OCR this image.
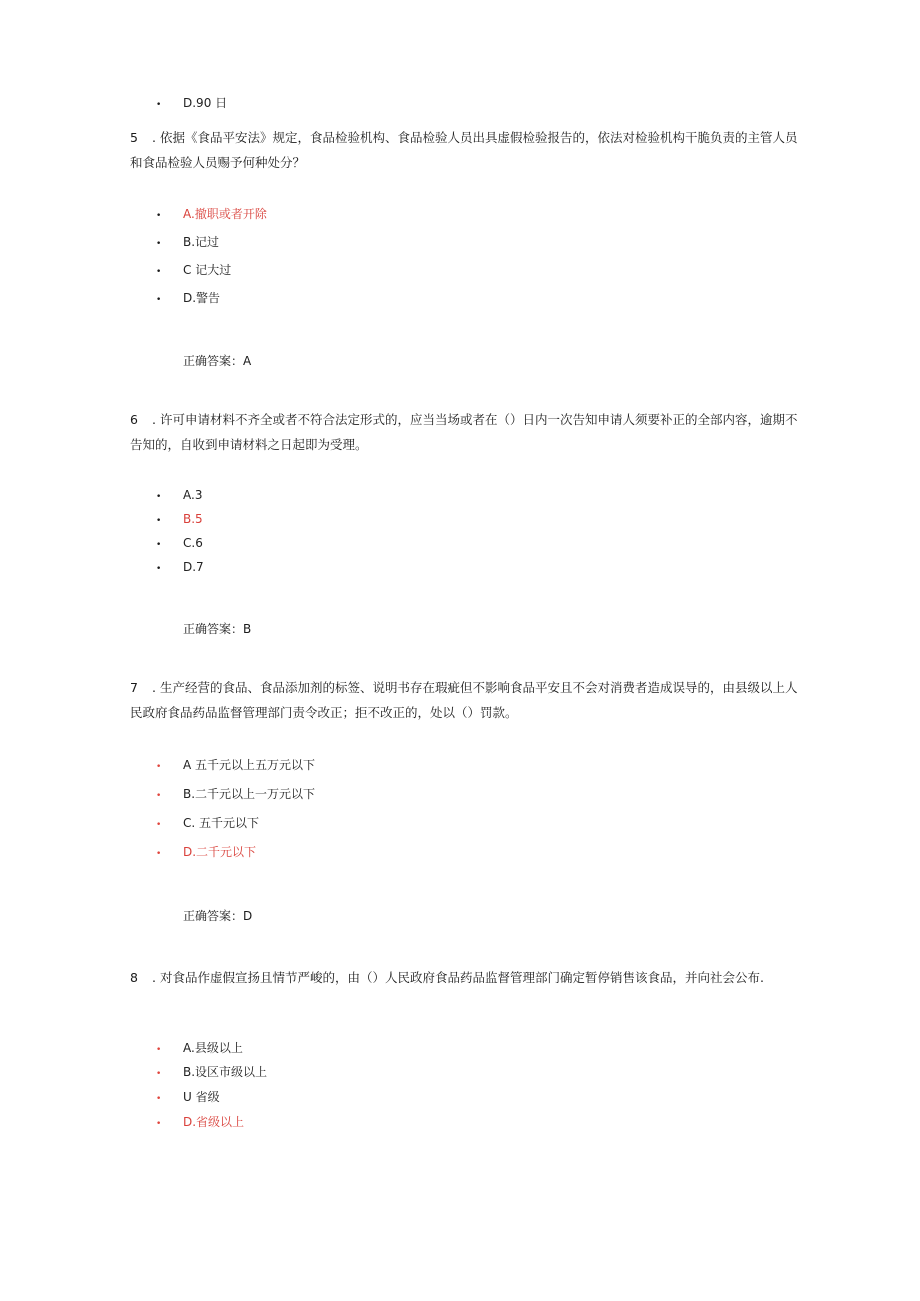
• D.90 日
5 . 依据《食品平安法》规定，食品检验机构、食品检验人员出具虚假检验报告的，依法对检验机构干脆负责的主管人员和食品检验人员赐予何种处分？
• A.撤职或者开除
• B.记过
• C 记大过
• D.警告
正确答案：A
6 . 许可申请材料不齐全或者不符合法定形式的，应当当场或者在（）日内一次告知申请人须要补正的全部内容，逾期不告知的，自收到申请材料之日起即为受理。
• A.3
• B.5
• C.6
• D.7
正确答案：B
7 . 生产经营的食品、食品添加剂的标签、说明书存在瑕疵但不影响食品平安且不会对消费者造成误导的，由县级以上人民政府食品药品监督管理部门责令改正；拒不改正的，处以（）罚款。
• A 五千元以上五万元以下
• B.二千元以上一万元以下
• C. 五千元以下
• D.二千元以下
正确答案：D
8 . 对食品作虚假宣扬且情节严峻的，由（）人民政府食品药品监督管理部门确定暂停销售该食品，并向社会公布.
• A.县级以上
• B.设区市级以上
• U 省级
• D.省级以上
